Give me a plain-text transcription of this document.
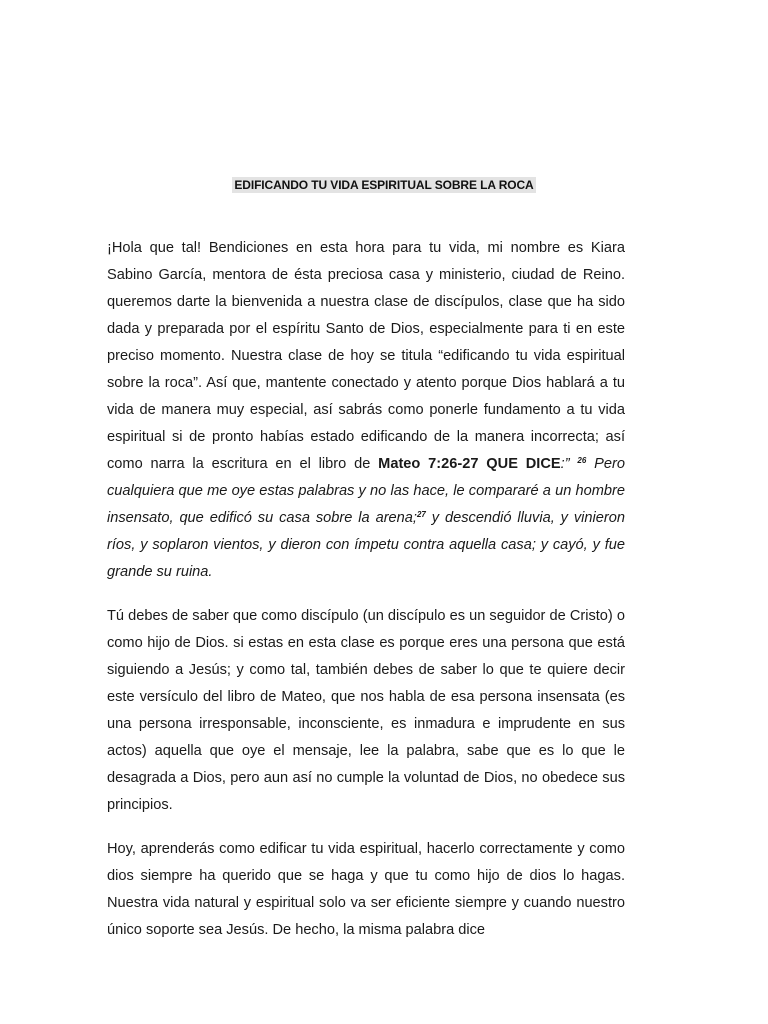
EDIFICANDO TU VIDA ESPIRITUAL SOBRE LA ROCA

¡Hola que tal! Bendiciones en esta hora para tu vida, mi nombre es Kiara Sabino García, mentora de ésta preciosa casa y ministerio, ciudad de Reino. queremos darte la bienvenida a nuestra clase de discípulos, clase que ha sido dada y preparada por el espíritu Santo de Dios, especialmente para ti en este preciso momento. Nuestra clase de hoy se titula “edificando tu vida espiritual sobre la roca”. Así que, mantente conectado y atento porque Dios hablará a tu vida de manera muy especial, así sabrás como ponerle fundamento a tu vida espiritual si de pronto habías estado edificando de la manera incorrecta; así como narra la escritura en el libro de Mateo 7:26-27 QUE DICE:” $^{26}$ Pero cualquiera que me oye estas palabras y no las hace, le compararé a un hombre insensato, que edificó su casa sobre la arena;$^{27}$ y descendió lluvia, y vinieron ríos, y soplaron vientos, y dieron con ímpetu contra aquella casa; y cayó, y fue grande su ruina.

Tú debes de saber que como discípulo (un discípulo es un seguidor de Cristo) o como hijo de Dios. si estas en esta clase es porque eres una persona que está siguiendo a Jesús; y como tal, también debes de saber lo que te quiere decir este versículo del libro de Mateo, que nos habla de esa persona insensata (es una persona irresponsable, inconsciente, es inmadura e imprudente en sus actos) aquella que oye el mensaje, lee la palabra, sabe que es lo que le desagrada a Dios, pero aun así no cumple la voluntad de Dios, no obedece sus principios.

Hoy, aprenderás como edificar tu vida espiritual, hacerlo correctamente y como dios siempre ha querido que se haga y que tu como hijo de dios lo hagas. Nuestra vida natural y espiritual solo va ser eficiente siempre y cuando nuestro único soporte sea Jesús. De hecho, la misma palabra dice
